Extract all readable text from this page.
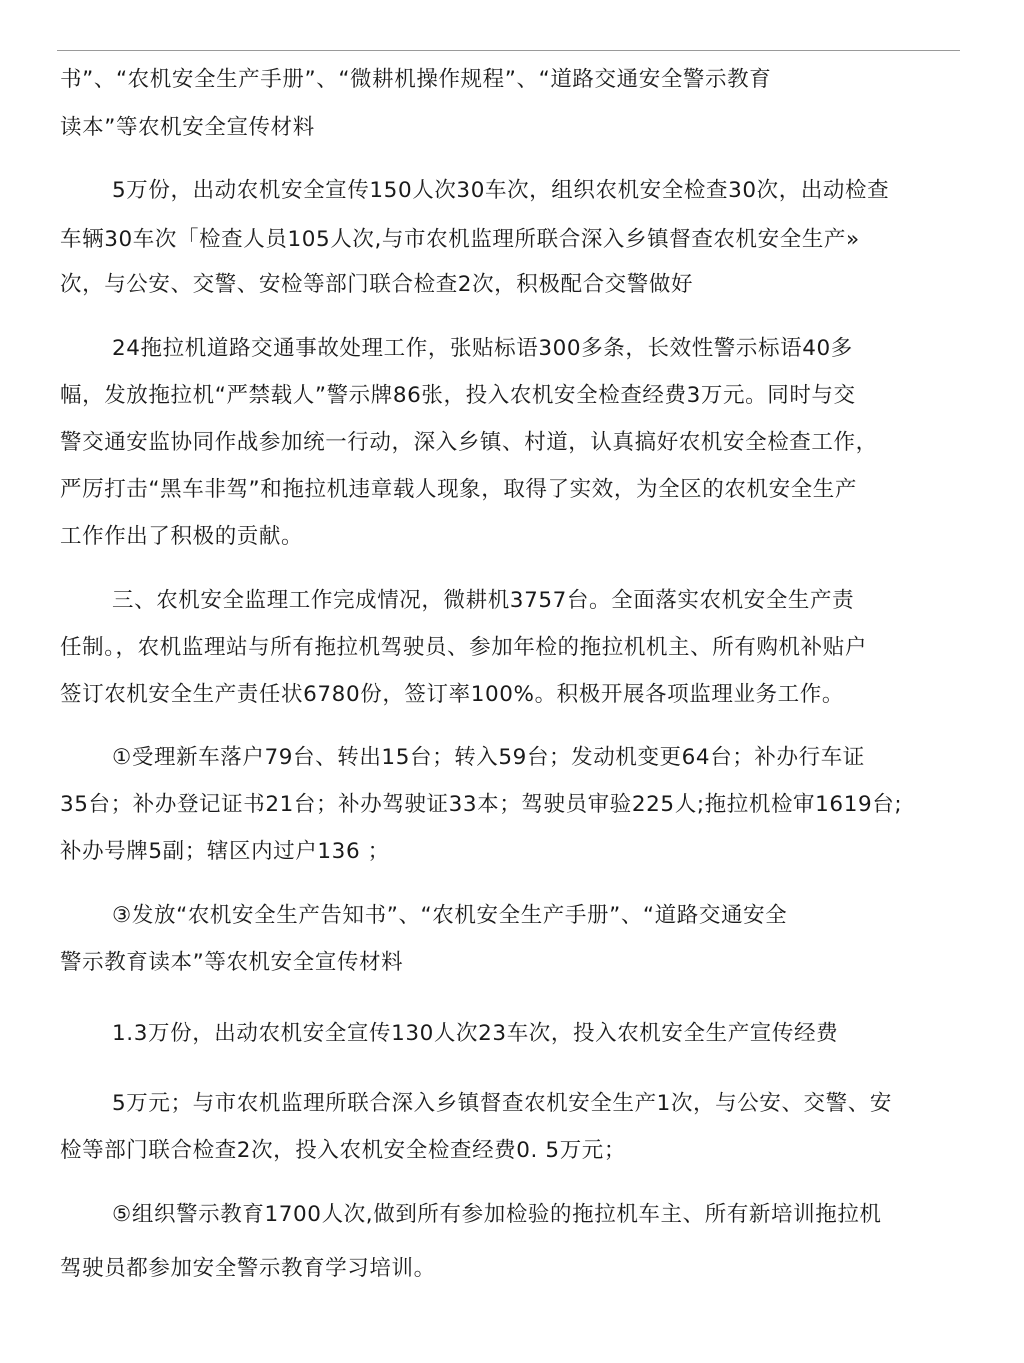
书”、“农机安全生产手册”、“微耕机操作规程”、“道路交通安全警示教育
读本”等农机安全宣传材料
5万份，出动农机安全宣传150人次30车次，组织农机安全检查30次，出动检查
车辆30车次「检查人员105人次,与市农机监理所联合深入乡镇督查农机安全生产»
次，与公安、交警、安检等部门联合检查2次，积极配合交警做好
24拖拉机道路交通事故处理工作，张贴标语300多条，长效性警示标语40多
幅，发放拖拉机“严禁载人”警示牌86张，投入农机安全检查经费3万元。同时与交
警交通安监协同作战参加统一行动，深入乡镇、村道，认真搞好农机安全检查工作，
严厉打击“黑车非驾”和拖拉机违章载人现象，取得了实效，为全区的农机安全生产
工作作出了积极的贡献。
三、农机安全监理工作完成情况，微耕机3757台。全面落实农机安全生产责
任制。，农机监理站与所有拖拉机驾驶员、参加年检的拖拉机机主、所有购机补贴户
签订农机安全生产责任状6780份，签订率100%。积极开展各项监理业务工作。
①受理新车落户79台、转出15台；转入59台；发动机变更64台；补办行车证
35台；补办登记证书21台；补办驾驶证33本；驾驶员审验225人;拖拉机检审1619台;
补办号牌5副；辖区内过户136 ；
③发放“农机安全生产告知书”、“农机安全生产手册”、“道路交通安全
警示教育读本”等农机安全宣传材料
1.3万份，出动农机安全宣传130人次23车次，投入农机安全生产宣传经费
5万元；与市农机监理所联合深入乡镇督查农机安全生产1次，与公安、交警、安
检等部门联合检查2次，投入农机安全检查经费0. 5万元；
⑤组织警示教育1700人次,做到所有参加检验的拖拉机车主、所有新培训拖拉机
驾驶员都参加安全警示教育学习培训。
